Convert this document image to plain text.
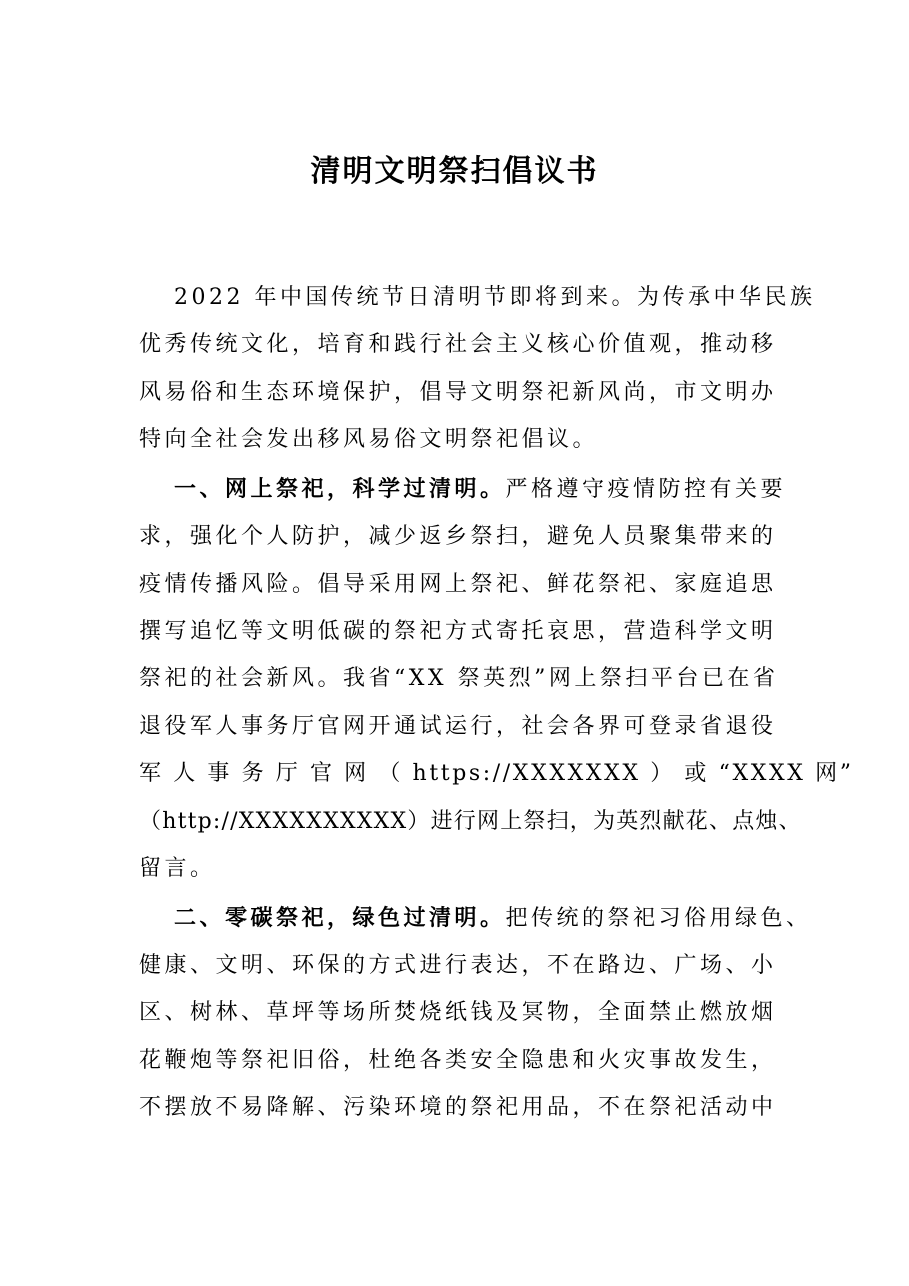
清明文明祭扫倡议书
2022 年中国传统节日清明节即将到来。为传承中华民族
优秀传统文化，培育和践行社会主义核心价值观，推动移
风易俗和生态环境保护，倡导文明祭祀新风尚，市文明办
特向全社会发出移风易俗文明祭祀倡议。
一、网上祭祀，科学过清明。严格遵守疫情防控有关要
求，强化个人防护，减少返乡祭扫，避免人员聚集带来的
疫情传播风险。倡导采用网上祭祀、鲜花祭祀、家庭追思
撰写追忆等文明低碳的祭祀方式寄托哀思，营造科学文明
祭祀的社会新风。我省“XX 祭英烈”网上祭扫平台已在省
退役军人事务厅官网开通试运行，社会各界可登录省退役
军 人 事 务 厅 官 网 （ https://XXXXXXX ） 或 “XXXX 网”
（http://XXXXXXXXXX）进行网上祭扫，为英烈献花、点烛、
留言。
二、零碳祭祀，绿色过清明。把传统的祭祀习俗用绿色、
健康、文明、环保的方式进行表达，不在路边、广场、小
区、树林、草坪等场所焚烧纸钱及冥物，全面禁止燃放烟
花鞭炮等祭祀旧俗，杜绝各类安全隐患和火灾事故发生，
不摆放不易降解、污染环境的祭祀用品，不在祭祀活动中
